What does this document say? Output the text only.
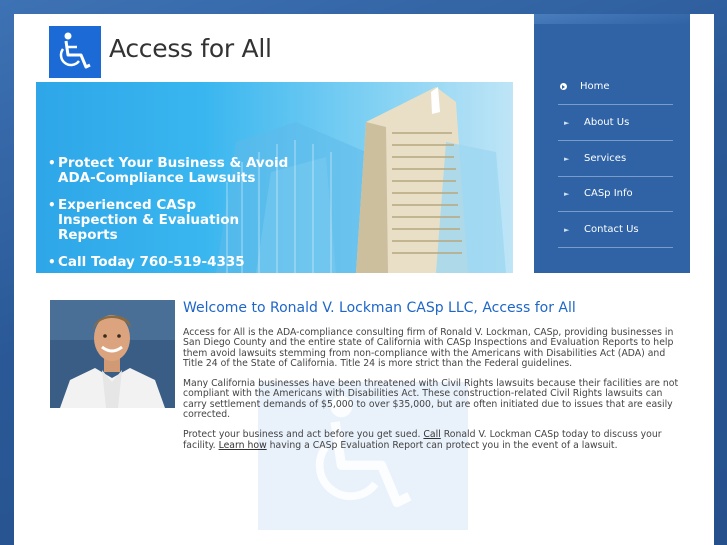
Access for All
• Protect Your Business & Avoid ADA-Compliance Lawsuits
• Experienced CASp Inspection & Evaluation Reports
• Call Today 760-519-4335
Home
►	About Us
►	Services
►	CASp Info
►	Contact Us
Welcome to Ronald V. Lockman CASp LLC, Access for All

Access for All is the ADA-compliance consulting firm of Ronald V. Lockman, CASp, providing businesses in San Diego County and the entire state of California with CASp Inspections and Evaluation Reports to help them avoid lawsuits stemming from non-compliance with the Americans with Disabilities Act (ADA) and Title 24 of the State of California. Title 24 is more strict than the Federal guidelines.

Many California businesses have been threatened with Civil Rights lawsuits because their facilities are not compliant with the Americans with Disabilities Act. These construction-related Civil Rights lawsuits can carry settlement demands of $5,000 to over $35,000, but are often initiated due to issues that are easily corrected.

Protect your business and act before you get sued. Call Ronald V. Lockman CASp today to discuss your facility. Learn how having a CASp Evaluation Report can protect you in the event of a lawsuit.
